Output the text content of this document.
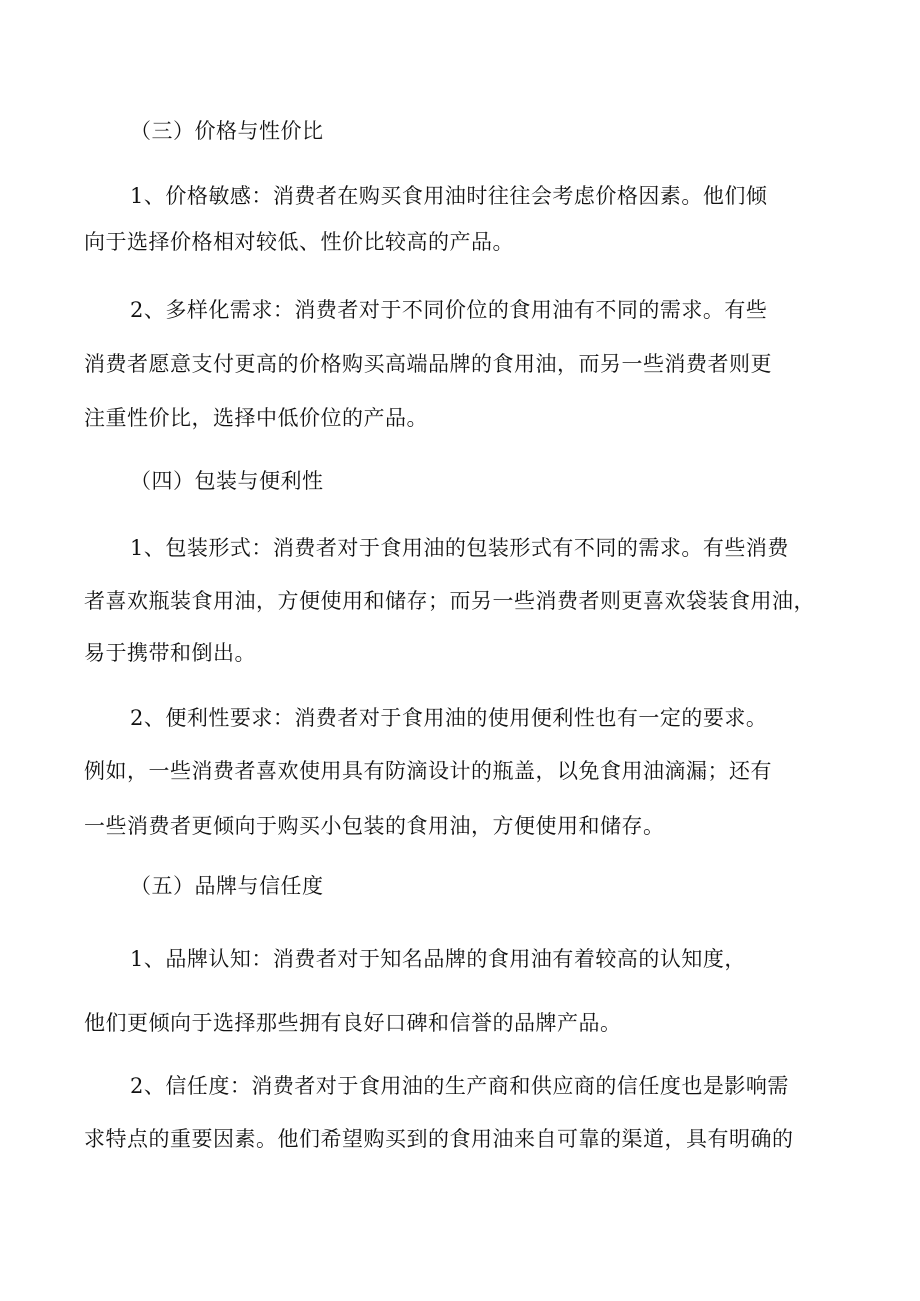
（三）价格与性价比
1、价格敏感：消费者在购买食用油时往往会考虑价格因素。他们倾
向于选择价格相对较低、性价比较高的产品。
2、多样化需求：消费者对于不同价位的食用油有不同的需求。有些
消费者愿意支付更高的价格购买高端品牌的食用油，而另一些消费者则更
注重性价比，选择中低价位的产品。
（四）包装与便利性
1、包装形式：消费者对于食用油的包装形式有不同的需求。有些消费
者喜欢瓶装食用油，方便使用和储存；而另一些消费者则更喜欢袋装食用油，
易于携带和倒出。
2、便利性要求：消费者对于食用油的使用便利性也有一定的要求。
例如，一些消费者喜欢使用具有防滴设计的瓶盖，以免食用油滴漏；还有
一些消费者更倾向于购买小包装的食用油，方便使用和储存。
（五）品牌与信任度
1、品牌认知：消费者对于知名品牌的食用油有着较高的认知度，
他们更倾向于选择那些拥有良好口碑和信誉的品牌产品。
2、信任度：消费者对于食用油的生产商和供应商的信任度也是影响需
求特点的重要因素。他们希望购买到的食用油来自可靠的渠道，具有明确的
